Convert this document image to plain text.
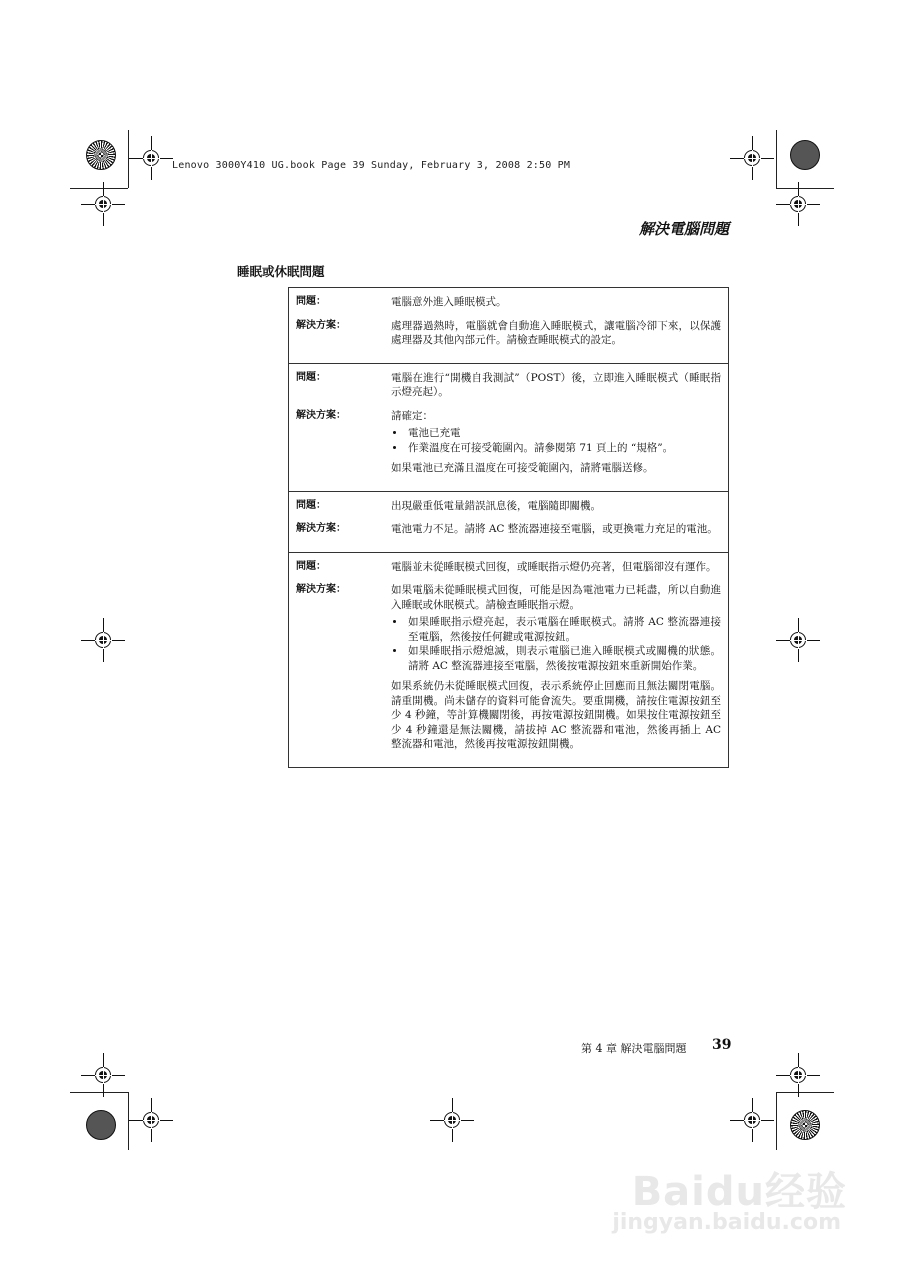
Lenovo 3000Y410 UG.book Page 39 Sunday, February 3, 2008 2:50 PM
解決電腦問題
睡眠或休眠問題
問題：	電腦意外進入睡眠模式。
解決方案：	處理器過熱時，電腦就會自動進入睡眠模式，讓電腦冷卻下來，以保護處理器及其他內部元件。請檢查睡眠模式的設定。

問題：	電腦在進行“開機自我測試”（POST）後，立即進入睡眠模式（睡眠指示燈亮起）。
解決方案：	請確定：

• 電池已充電
• 作業溫度在可接受範圍內。請參閱第 71 頁上的 “規格”。

如果電池已充滿且溫度在可接受範圍內，請將電腦送修。

問題：	出現嚴重低電量錯誤訊息後，電腦隨即關機。
解決方案：	電池電力不足。請將 AC 整流器連接至電腦，或更換電力充足的電池。

問題：	電腦並未從睡眠模式回復，或睡眠指示燈仍亮著，但電腦卻沒有運作。
解決方案：	如果電腦未從睡眠模式回復，可能是因為電池電力已耗盡，所以自動進入睡眠或休眠模式。請檢查睡眠指示燈。

• 如果睡眠指示燈亮起，表示電腦在睡眠模式。請將 AC 整流器連接至電腦，然後按任何鍵或電源按鈕。
• 如果睡眠指示燈熄滅，則表示電腦已進入睡眠模式或關機的狀態。請將 AC 整流器連接至電腦，然後按電源按鈕來重新開始作業。

如果系統仍未從睡眠模式回復，表示系統停止回應而且無法關閉電腦。請重開機。尚未儲存的資料可能會流失。要重開機，請按住電源按鈕至少 4 秒鐘，等計算機關閉後，再按電源按鈕開機。如果按住電源按鈕至少 4 秒鐘還是無法關機，請拔掉 AC 整流器和電池，然後再插上 AC 整流器和電池，然後再按電源按鈕開機。

第 4 章 解決電腦問題 39
Baidu经验
jingyan.baidu.com
